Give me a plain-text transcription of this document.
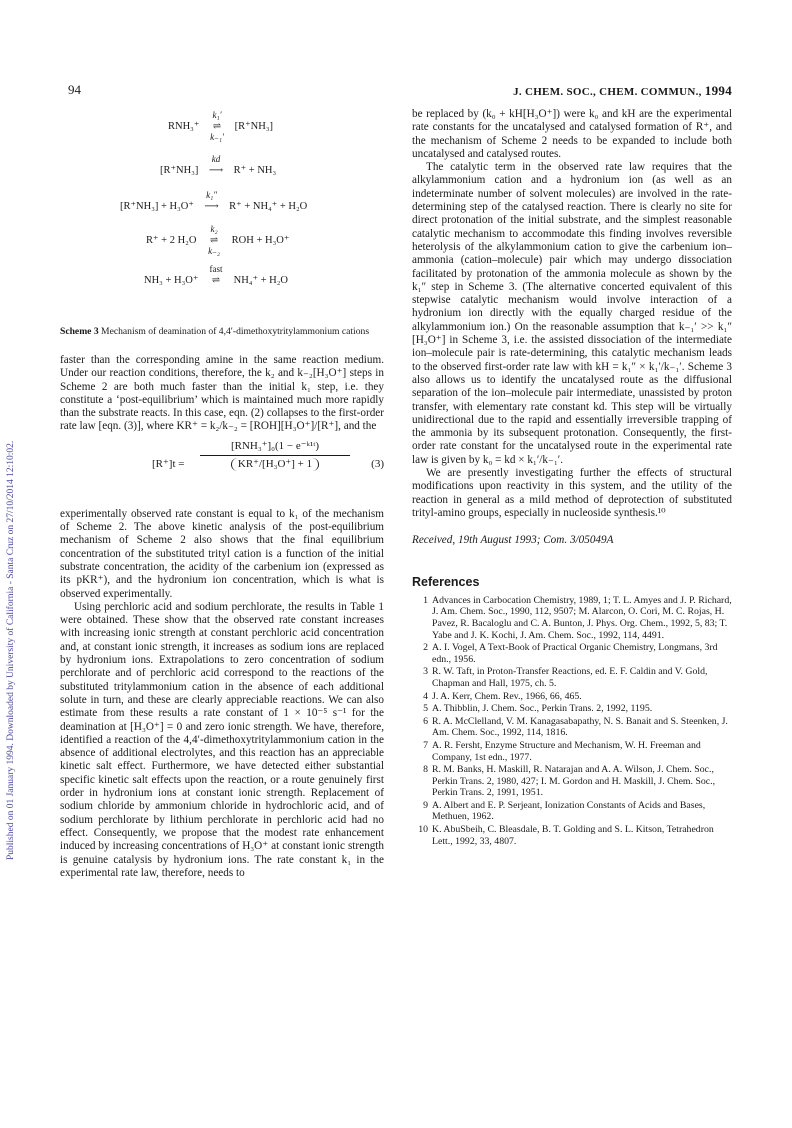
94	J. CHEM. SOC., CHEM. COMMUN., 1994
Published on 01 January 1994. Downloaded by University of California - Santa Cruz on 27/10/2014 12:10:02.
RNH₃⁺
k₁′
⇌
k₋₁′
[R⁺NH₃]
[R⁺NH₃]
kd
⟶ R⁺ + NH₃
[R⁺NH₃] + H₃O⁺
k₁″
⟶ R⁺ + NH₄⁺ + H₂O
R⁺ + 2 H₂O
k₂
⇌
k₋₂
ROH + H₃O⁺
NH₃ + H₃O⁺
fast
⇌ NH₄⁺ + H₂O
Scheme 3 Mechanism of deamination of 4,4′-dimethoxytritylammonium cations

faster than the corresponding amine in the same reaction medium. Under our reaction conditions, therefore, the k₂ and k₋₂[H₃O⁺] steps in Scheme 2 are both much faster than the initial k₁ step, i.e. they constitute a ‘post-equilibrium’ which is maintained much more rapidly than the substrate reacts. In this case, eqn. (2) collapses to the first-order rate law [eqn. (3)], where KR⁺ = k₂/k₋₂ = [ROH][H₃O⁺]/[R⁺], and the

[R⁺]t =
[RNH₃⁺]₀(1 − e⁻ᵏ¹ᵗ)
KR⁺/[H₃O⁺] + 1	(3)

experimentally observed rate constant is equal to k₁ of the mechanism of Scheme 2. The above kinetic analysis of the post-equilibrium mechanism of Scheme 2 also shows that the final equilibrium concentration of the substituted trityl cation is a function of the initial substrate concentration, the acidity of the carbenium ion (expressed as its pKR⁺), and the hydronium ion concentration, which is what is observed experimentally.

Using perchloric acid and sodium perchlorate, the results in Table 1 were obtained. These show that the observed rate constant increases with increasing ionic strength at constant perchloric acid concentration and, at constant ionic strength, it increases as sodium ions are replaced by hydronium ions. Extrapolations to zero concentration of sodium perchlorate and of perchloric acid correspond to the reactions of the substituted tritylammonium cation in the absence of each additional solute in turn, and these are clearly appreciable reactions. We can also estimate from these results a rate constant of 1 × 10⁻⁵ s⁻¹ for the deamination at [H₃O⁺] = 0 and zero ionic strength. We have, therefore, identified a reaction of the 4,4′-dimethoxytritylammonium cation in the absence of additional electrolytes, and this reaction has an appreciable kinetic salt effect. Furthermore, we have detected either substantial specific kinetic salt effects upon the reaction, or a route genuinely first order in hydronium ions at constant ionic strength. Replacement of sodium chloride by ammonium chloride in hydrochloric acid, and of sodium perchlorate by lithium perchlorate in perchloric acid had no effect. Consequently, we propose that the modest rate enhancement induced by increasing concentrations of H₃O⁺ at constant ionic strength is genuine catalysis by hydronium ions. The rate constant k₁ in the experimental rate law, therefore, needs to

be replaced by (k₀ + kH[H₃O⁺]) were k₀ and kH are the experimental rate constants for the uncatalysed and catalysed formation of R⁺, and the mechanism of Scheme 2 needs to be expanded to include both uncatalysed and catalysed routes.

The catalytic term in the observed rate law requires that the alkylammonium cation and a hydronium ion (as well as an indeterminate number of solvent molecules) are involved in the rate-determining step of the catalysed reaction. There is clearly no site for direct protonation of the initial substrate, and the simplest reasonable catalytic mechanism to accommodate this finding involves reversible heterolysis of the alkylammonium cation to give the carbenium ion–ammonia (cation–molecule) pair which may undergo dissociation facilitated by protonation of the ammonia molecule as shown by the k₁″ step in Scheme 3. (The alternative concerted equivalent of this stepwise catalytic mechanism would involve interaction of a hydronium ion directly with the equally charged residue of the alkylammonium ion.) On the reasonable assumption that k₋₁′ >> k₁″[H₃O⁺] in Scheme 3, i.e. the assisted dissociation of the intermediate ion–molecule pair is rate-determining, this catalytic mechanism leads to the observed first-order rate law with kH = k₁″ × k₁′/k₋₁′. Scheme 3 also allows us to identify the uncatalysed route as the diffusional separation of the ion–molecule pair intermediate, unassisted by proton transfer, with elementary rate constant kd. This step will be virtually unidirectional due to the rapid and essentially irreversible trapping of the ammonia by its subsequent protonation. Consequently, the first-order rate constant for the uncatalysed route in the experimental rate law is given by k₀ = kd × k₁′/k₋₁′.

We are presently investigating further the effects of structural modifications upon reactivity in this system, and the utility of the reaction in general as a mild method of deprotection of substituted trityl-amino groups, especially in nucleoside synthesis.¹⁰

Received, 19th August 1993; Com. 3/05049A

References
1 Advances in Carbocation Chemistry, 1989, 1; T. L. Amyes and J. P. Richard, J. Am. Chem. Soc., 1990, 112, 9507; M. Alarcon, O. Cori, M. C. Rojas, H. Pavez, R. Bacaloglu and C. A. Bunton, J. Phys. Org. Chem., 1992, 5, 83; T. Yabe and J. K. Kochi, J. Am. Chem. Soc., 1992, 114, 4491.
2 A. I. Vogel, A Text-Book of Practical Organic Chemistry, Longmans, 3rd edn., 1956.
3 R. W. Taft, in Proton-Transfer Reactions, ed. E. F. Caldin and V. Gold, Chapman and Hall, 1975, ch. 5.
4 J. A. Kerr, Chem. Rev., 1966, 66, 465.
5 A. Thibblin, J. Chem. Soc., Perkin Trans. 2, 1992, 1195.
6 R. A. McClelland, V. M. Kanagasabapathy, N. S. Banait and S. Steenken, J. Am. Chem. Soc., 1992, 114, 1816.
7 A. R. Fersht, Enzyme Structure and Mechanism, W. H. Freeman and Company, 1st edn., 1977.
8 R. M. Banks, H. Maskill, R. Natarajan and A. A. Wilson, J. Chem. Soc., Perkin Trans. 2, 1980, 427; I. M. Gordon and H. Maskill, J. Chem. Soc., Perkin Trans. 2, 1991, 1951.
9 A. Albert and E. P. Serjeant, Ionization Constants of Acids and Bases, Methuen, 1962.
10 K. AbuSbeih, C. Bleasdale, B. T. Golding and S. L. Kitson, Tetrahedron Lett., 1992, 33, 4807.
